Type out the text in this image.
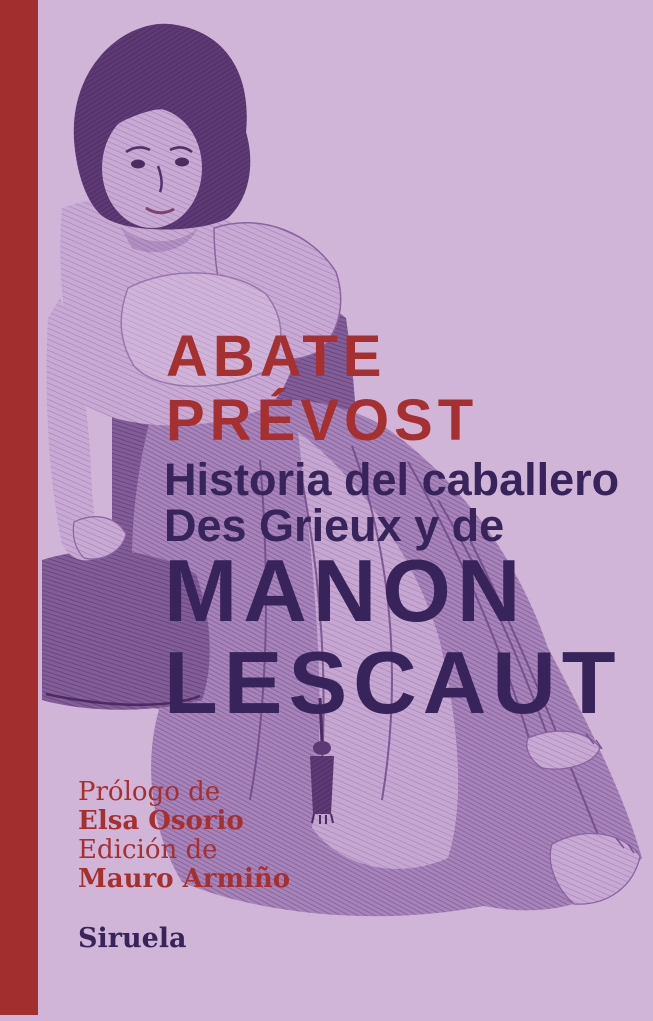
ABATE
PRÉVOST
Historia del caballero
Des Grieux y de
MANON
LESCAUT
Prólogo de
Elsa Osorio
Edición de
Mauro Armiño
Siruela
